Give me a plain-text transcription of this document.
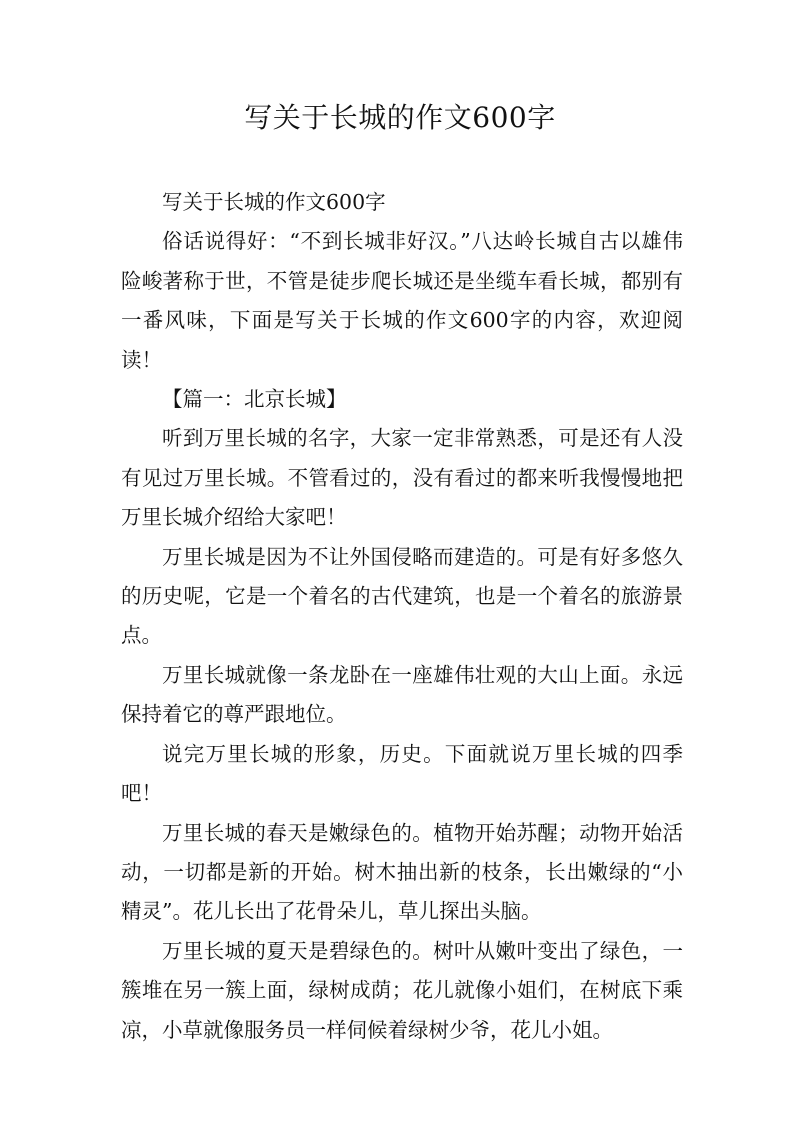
写关于长城的作文600字

写关于长城的作文600字

俗话说得好：“不到长城非好汉。”八达岭长城自古以雄伟险峻著称于世，不管是徒步爬长城还是坐缆车看长城，都别有一番风味，下面是写关于长城的作文600字的内容，欢迎阅读！

【篇一：北京长城】

听到万里长城的名字，大家一定非常熟悉，可是还有人没有见过万里长城。不管看过的，没有看过的都来听我慢慢地把万里长城介绍给大家吧！

万里长城是因为不让外国侵略而建造的。可是有好多悠久的历史呢，它是一个着名的古代建筑，也是一个着名的旅游景点。

万里长城就像一条龙卧在一座雄伟壮观的大山上面。永远保持着它的尊严跟地位。

说完万里长城的形象，历史。下面就说万里长城的四季吧！

万里长城的春天是嫩绿色的。植物开始苏醒；动物开始活动，一切都是新的开始。树木抽出新的枝条，长出嫩绿的“小精灵”。花儿长出了花骨朵儿，草儿探出头脑。

万里长城的夏天是碧绿色的。树叶从嫩叶变出了绿色，一簇堆在另一簇上面，绿树成荫；花儿就像小姐们，在树底下乘凉，小草就像服务员一样伺候着绿树少爷，花儿小姐。
